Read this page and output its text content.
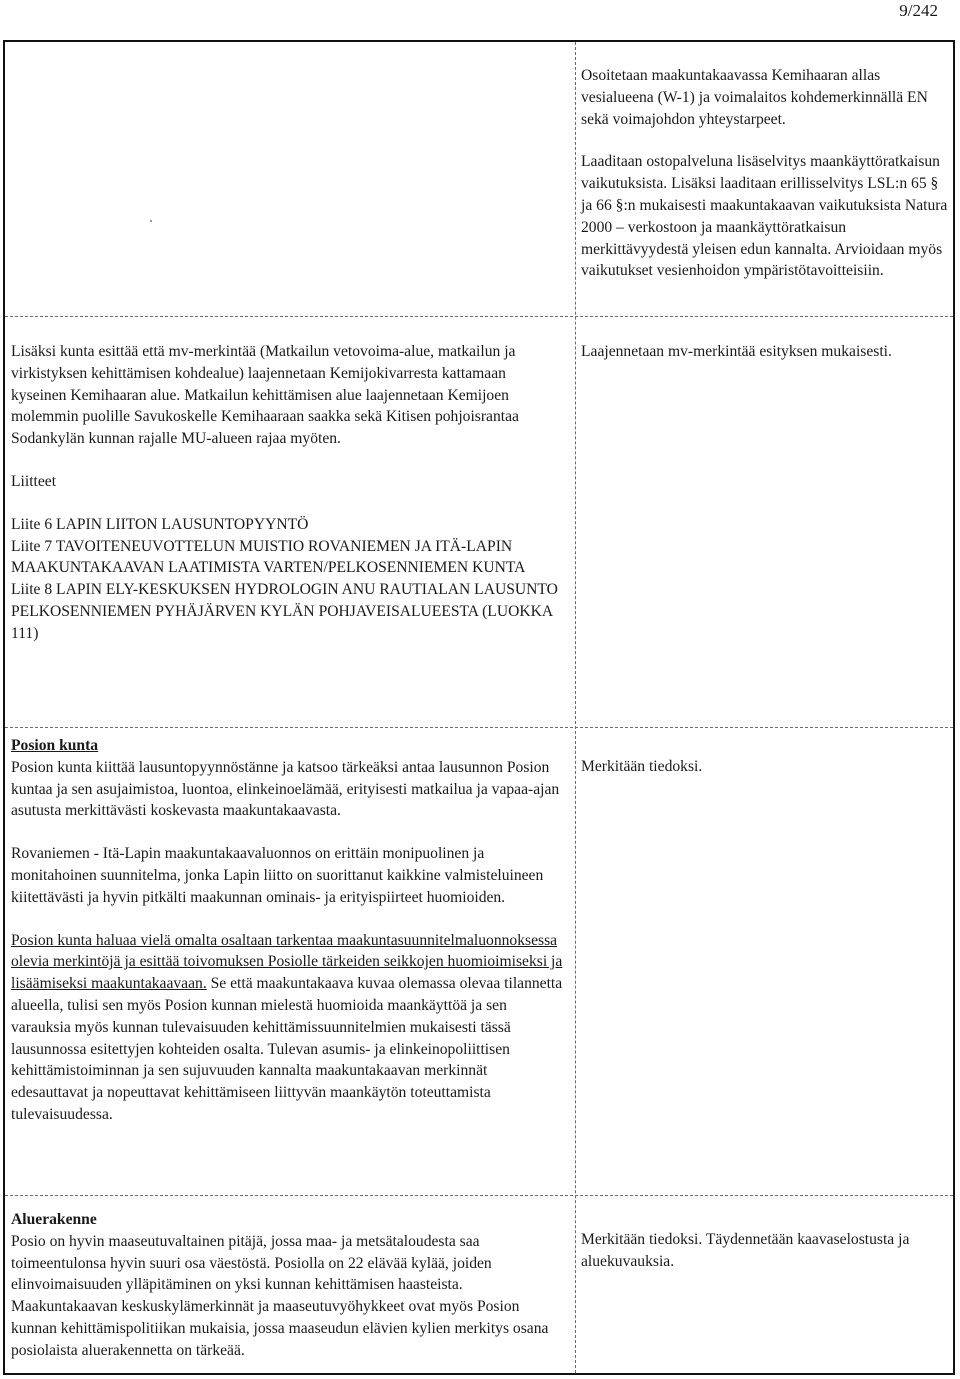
9/242

Osoitetaan maakuntakaavassa Kemihaaran allas vesialueena (W-1) ja voimalaitos kohdemerkinnällä EN sekä voimajohdon yhteystarpeet.

Laaditaan ostopalveluna lisäselvitys maankäyttöratkaisun vaikutuksista. Lisäksi laaditaan erillisselvitys LSL:n 65 § ja 66 §:n mukaisesti maakuntakaavan vaikutuksista Natura 2000 – verkostoon ja maankäyttöratkaisun merkittävyydestä yleisen edun kannalta. Arvioidaan myös vaikutukset vesienhoidon ympäristötavoitteisiin.

Lisäksi kunta esittää että mv-merkintää (Matkailun vetovoima-alue, matkailun ja virkistyksen kehittämisen kohdealue) laajennetaan Kemijokivarresta kattamaan kyseinen Kemihaaran alue. Matkailun kehittämisen alue laajennetaan Kemijoen molemmin puolille Savukoskelle Kemihaaraan saakka sekä Kitisen pohjoisrantaa Sodankylän kunnan rajalle MU-alueen rajaa myöten.

Liitteet

Liite 6 LAPIN LIITON LAUSUNTOPYYNTÖ

Liite 7 TAVOITENEUVOTTELUN MUISTIO ROVANIEMEN JA ITÄ-LAPIN MAAKUNTAKAAVAN LAATIMISTA VARTEN/PELKOSENNIEMEN KUNTA

Liite 8 LAPIN ELY-KESKUKSEN HYDROLOGIN ANU RAUTIALAN LAUSUNTO PELKOSENNIEMEN PYHÄJÄRVEN KYLÄN POHJAVEISALUEESTA (LUOKKA 111)

Laajennetaan mv-merkintää esityksen mukaisesti.

Posion kunta

Posion kunta kiittää lausuntopyynnöstänne ja katsoo tärkeäksi antaa lausunnon Posion kuntaa ja sen asujaimistoa, luontoa, elinkeinoelämää, erityisesti matkailua ja vapaa-ajan asutusta merkittävästi koskevasta maakuntakaavasta.

Rovaniemen - Itä-Lapin maakuntakaavaluonnos on erittäin monipuolinen ja monitahoinen suunnitelma, jonka Lapin liitto on suorittanut kaikkine valmisteluineen kiitettävästi ja hyvin pitkälti maakunnan ominais- ja erityispiirteet huomioiden.

Posion kunta haluaa vielä omalta osaltaan tarkentaa maakuntasuunnitelmaluonnoksessa olevia merkintöjä ja esittää toivomuksen Posiolle tärkeiden seikkojen huomioimiseksi ja lisäämiseksi maakuntakaavaan. Se että maakuntakaava kuvaa olemassa olevaa tilannetta alueella, tulisi sen myös Posion kunnan mielestä huomioida maankäyttöä ja sen varauksia myös kunnan tulevaisuuden kehittämissuunnitelmien mukaisesti tässä lausunnossa esitettyjen kohteiden osalta. Tulevan asumis- ja elinkeinopoliittisen kehittämistoiminnan ja sen sujuvuuden kannalta maakuntakaavan merkinnät edesauttavat ja nopeuttavat kehittämiseen liittyvän maankäytön toteuttamista tulevaisuudessa.

Merkitään tiedoksi.

Aluerakenne

Posio on hyvin maaseutuvaltainen pitäjä, jossa maa- ja metsätaloudesta saa toimeentulonsa hyvin suuri osa väestöstä. Posiolla on 22 elävää kylää, joiden elinvoimaisuuden ylläpitäminen on yksi kunnan kehittämisen haasteista. Maakuntakaavan keskuskylämerkinnät ja maaseutuvyöhykkeet ovat myös Posion kunnan kehittämispolitiikan mukaisia, jossa maaseudun elävien kylien merkitys osana posiolaista aluerakennetta on tärkeää.

Merkitään tiedoksi. Täydennetään kaavaselostusta ja aluekuvauksia.
